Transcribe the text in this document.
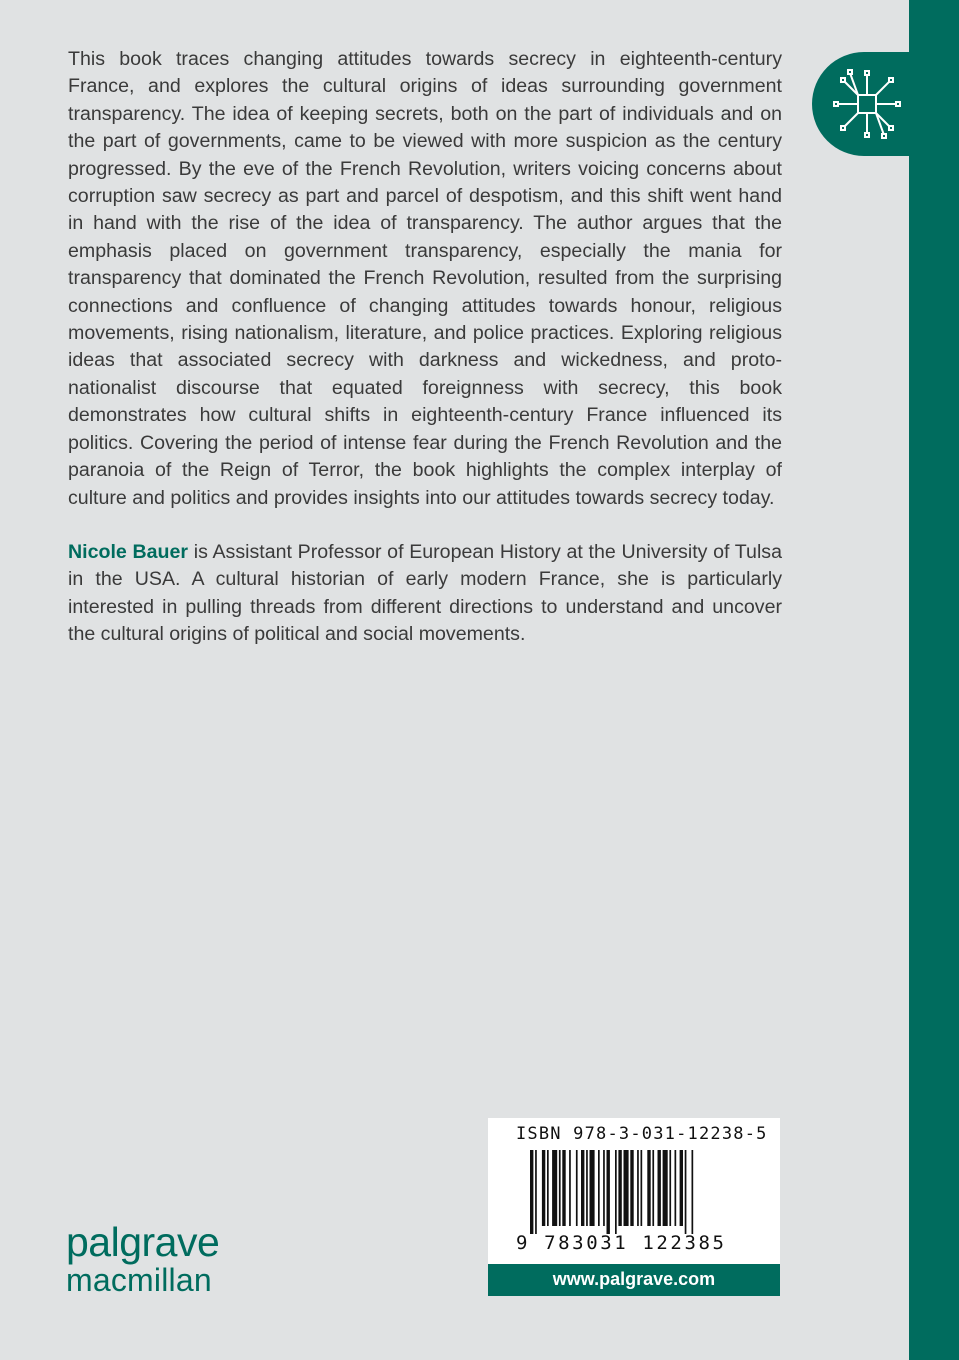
This book traces changing attitudes towards secrecy in eighteenth-century France, and explores the cultural origins of ideas surrounding government transparency. The idea of keeping secrets, both on the part of individuals and on the part of governments, came to be viewed with more suspicion as the century progressed. By the eve of the French Revolution, writers voicing concerns about corruption saw secrecy as part and parcel of despotism, and this shift went hand in hand with the rise of the idea of transparency. The author argues that the emphasis placed on government transparency, especially the mania for transparency that dominated the French Revolution, resulted from the surprising connections and confluence of changing attitudes towards honour, religious movements, rising nationalism, literature, and police practices. Exploring religious ideas that associated secrecy with darkness and wickedness, and proto-nationalist discourse that equated foreignness with secrecy, this book demonstrates how cultural shifts in eighteenth-century France influenced its politics. Covering the period of intense fear during the French Revolution and the paranoia of the Reign of Terror, the book highlights the complex interplay of culture and politics and provides insights into our attitudes towards secrecy today.

Nicole Bauer is Assistant Professor of European History at the University of Tulsa in the USA. A cultural historian of early modern France, she is particularly interested in pulling threads from different directions to understand and uncover the cultural origins of political and social movements.

ISBN 978-3-031-12238-5
9 783031 122385
www.palgrave.com
palgrave
macmillan
